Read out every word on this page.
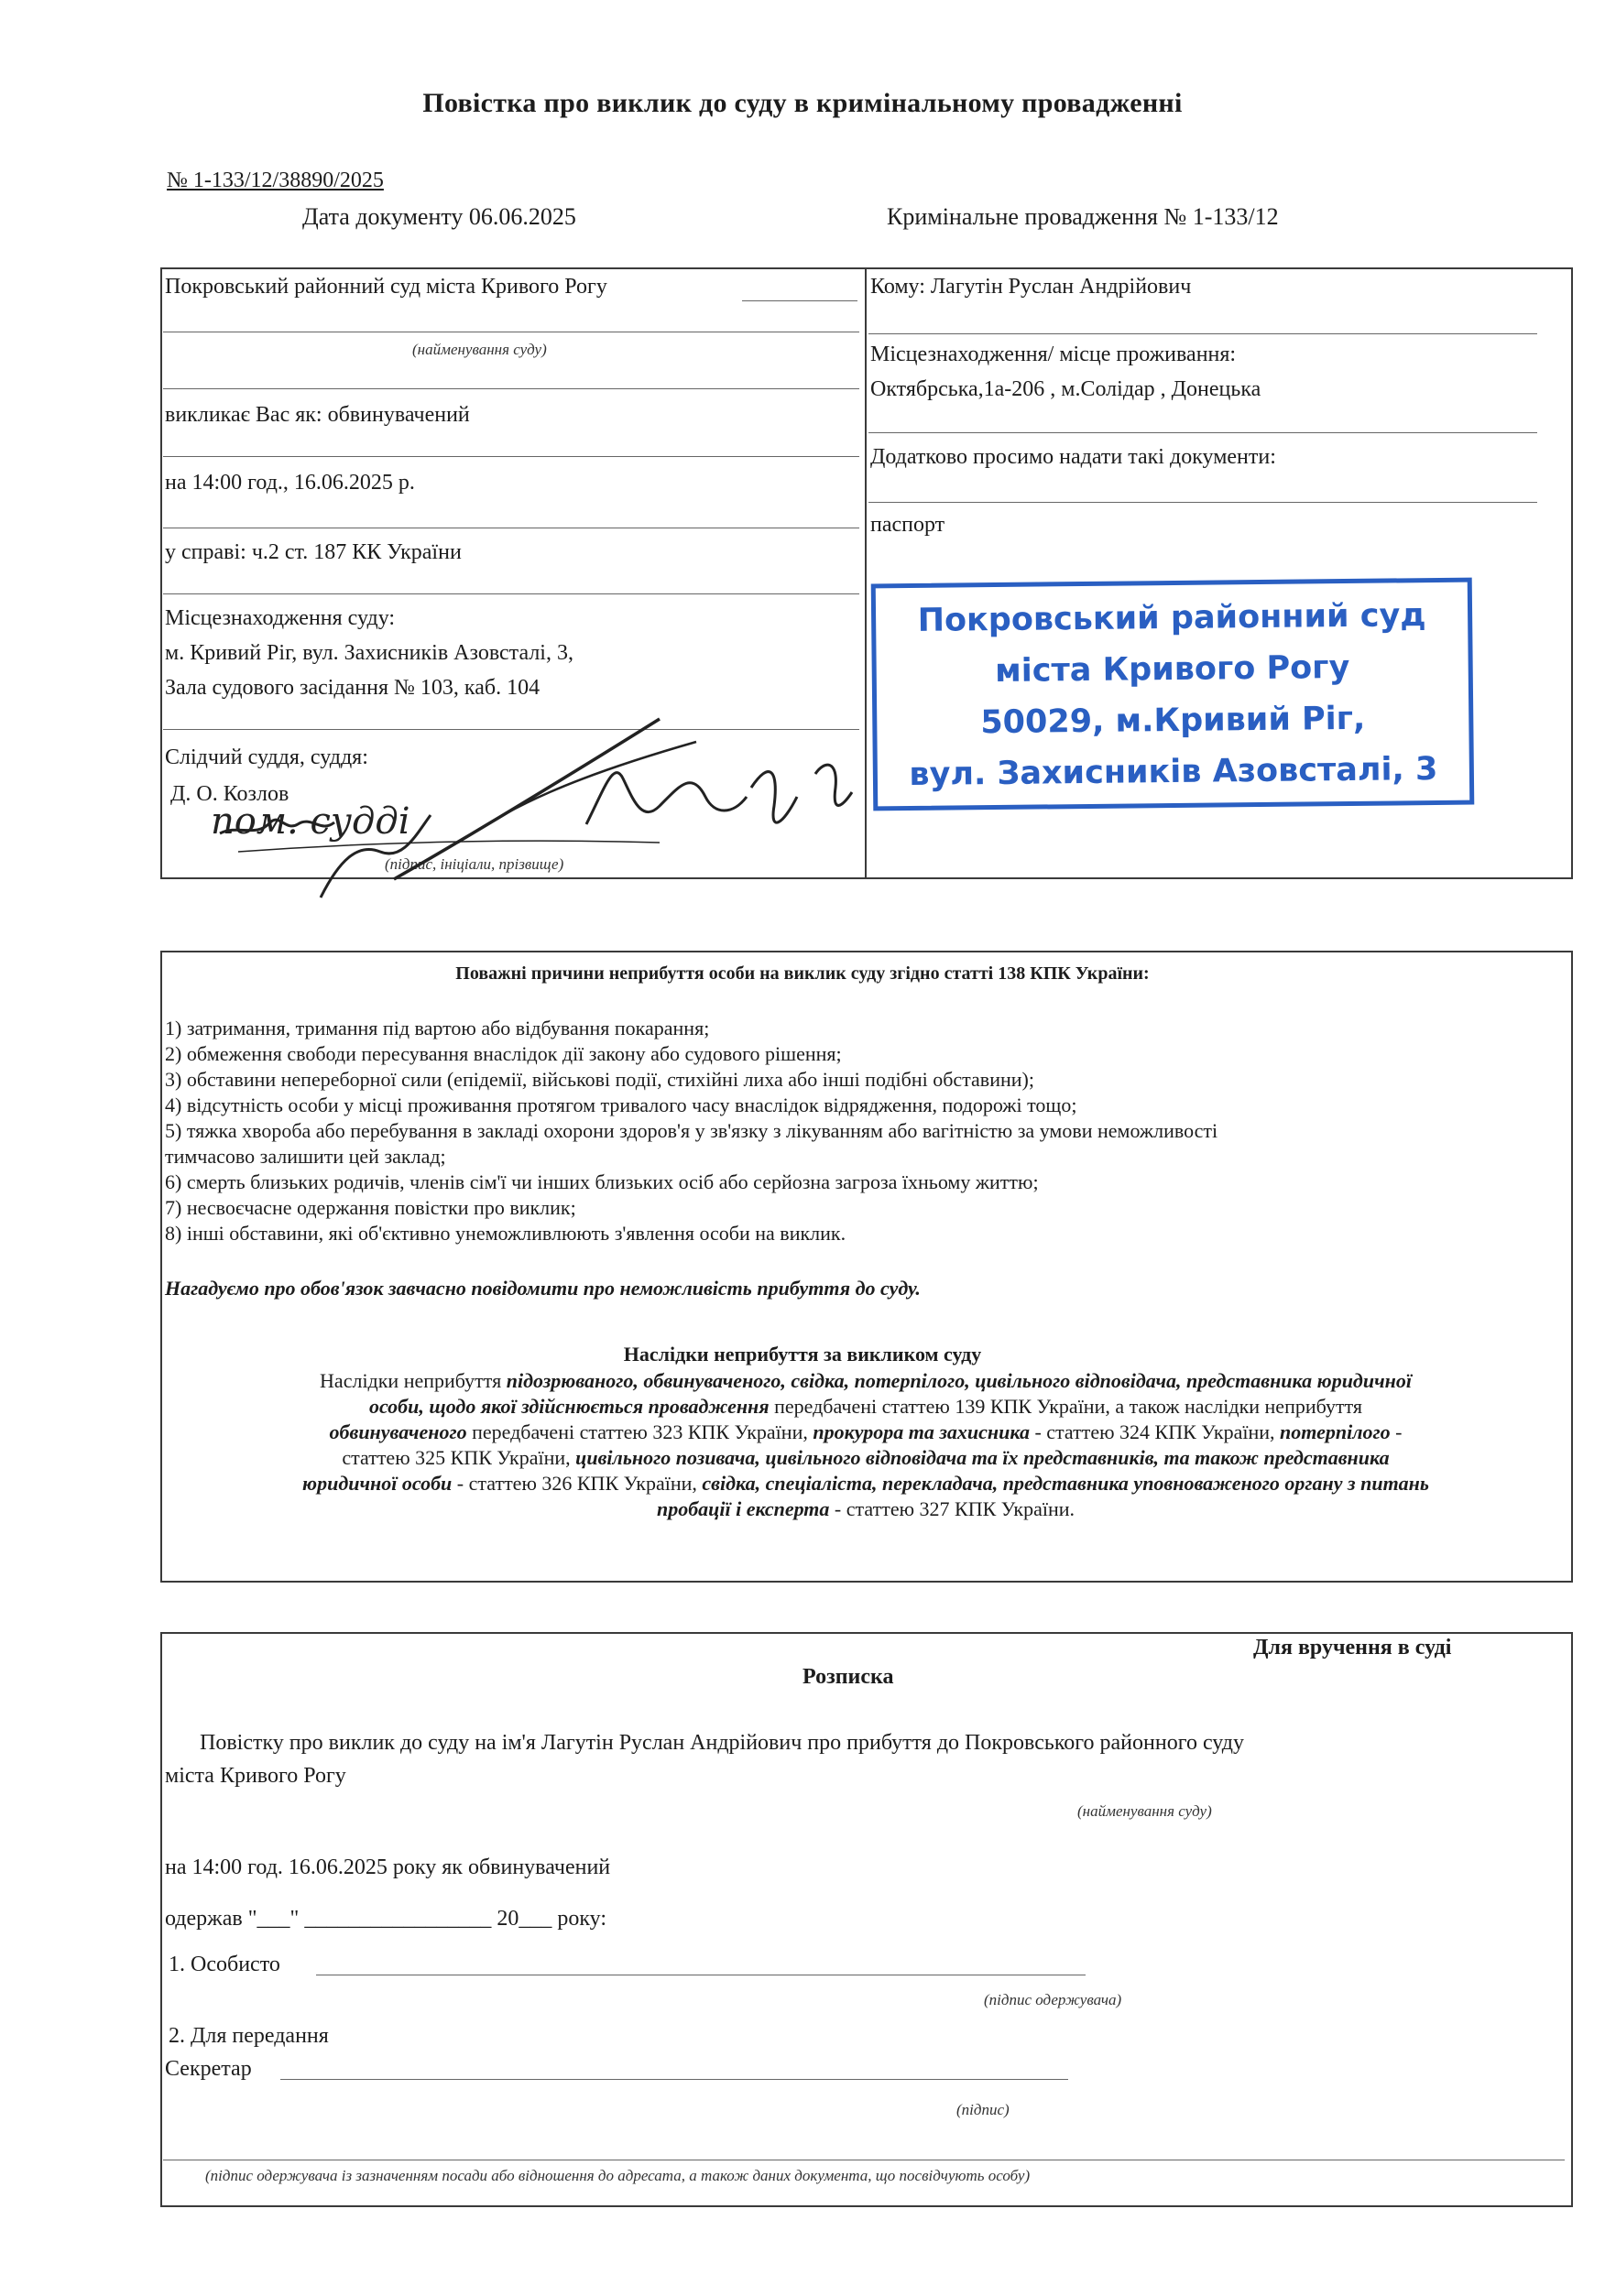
Повістка про виклик до суду в кримінальному провадженні
№ 1-133/12/38890/2025
Дата документу 06.06.2025	Кримінальне провадження № 1-133/12
Покровський районний суд міста Кривого Рогу
(найменування суду)
викликає Вас як: обвинувачений
на 14:00 год., 16.06.2025 р.
у справі: ч.2 ст. 187 КК України
Місцезнаходження суду:
м. Кривий Ріг, вул. Захисників Азовсталі, 3,
Зала судового засідання № 103, каб. 104
Слідчий суддя, суддя:
Д. О. Козлов
(підпис, ініціали, прізвище)
пом. судді
Кому: Лагутін Руслан Андрійович
Місцезнаходження/ місце проживання:
Октябрська,1а-206 , м.Солідар , Донецька
Додатково просимо надати такі документи:
паспорт
Покровський районний суд
міста Кривого Рогу
50029, м.Кривий Ріг,
вул. Захисників Азовсталі, 3
Поважні причини неприбуття особи на виклик суду згідно статті 138 КПК України:
1) затримання, тримання під вартою або відбування покарання;
2) обмеження свободи пересування внаслідок дії закону або судового рішення;
3) обставини непереборної сили (епідемії, військові події, стихійні лиха або інші подібні обставини);
4) відсутність особи у місці проживання протягом тривалого часу внаслідок відрядження, подорожі тощо;
5) тяжка хвороба або перебування в закладі охорони здоров'я у зв'язку з лікуванням або вагітністю за умови неможливості
тимчасово залишити цей заклад;
6) смерть близьких родичів, членів сім'ї чи інших близьких осіб або серйозна загроза їхньому життю;
7) несвоєчасне одержання повістки про виклик;
8) інші обставини, які об'єктивно унеможливлюють з'явлення особи на виклик.
Нагадуємо про обов'язок завчасно повідомити про неможливість прибуття до суду.
Наслідки неприбуття за викликом суду
Наслідки неприбуття підозрюваного, обвинуваченого, свідка, потерпілого, цивільного відповідача, представника юридичної
особи, щодо якої здійснюється провадження передбачені статтею 139 КПК України, а також наслідки неприбуття
обвинуваченого передбачені статтею 323 КПК України, прокурора та захисника - статтею 324 КПК України, потерпілого -
статтею 325 КПК України, цивільного позивача, цивільного відповідача та їх представників, та також представника
юридичної особи - статтею 326 КПК України, свідка, спеціаліста, перекладача, представника уповноваженого органу з питань
пробації і експерта - статтею 327 КПК України.
Для вручення в суді
Розписка
Повістку про виклик до суду на ім'я Лагутін Руслан Андрійович про прибуття до Покровського районного суду
міста Кривого Рогу
(найменування суду)
на 14:00 год. 16.06.2025 року як обвинувачений
одержав "___" _________________ 20___ року:
1. Особисто
(підпис одержувача)
2. Для передання
Секретар
(підпис)
(підпис одержувача із зазначенням посади або відношення до адресата, а також даних документа, що посвідчують особу)
